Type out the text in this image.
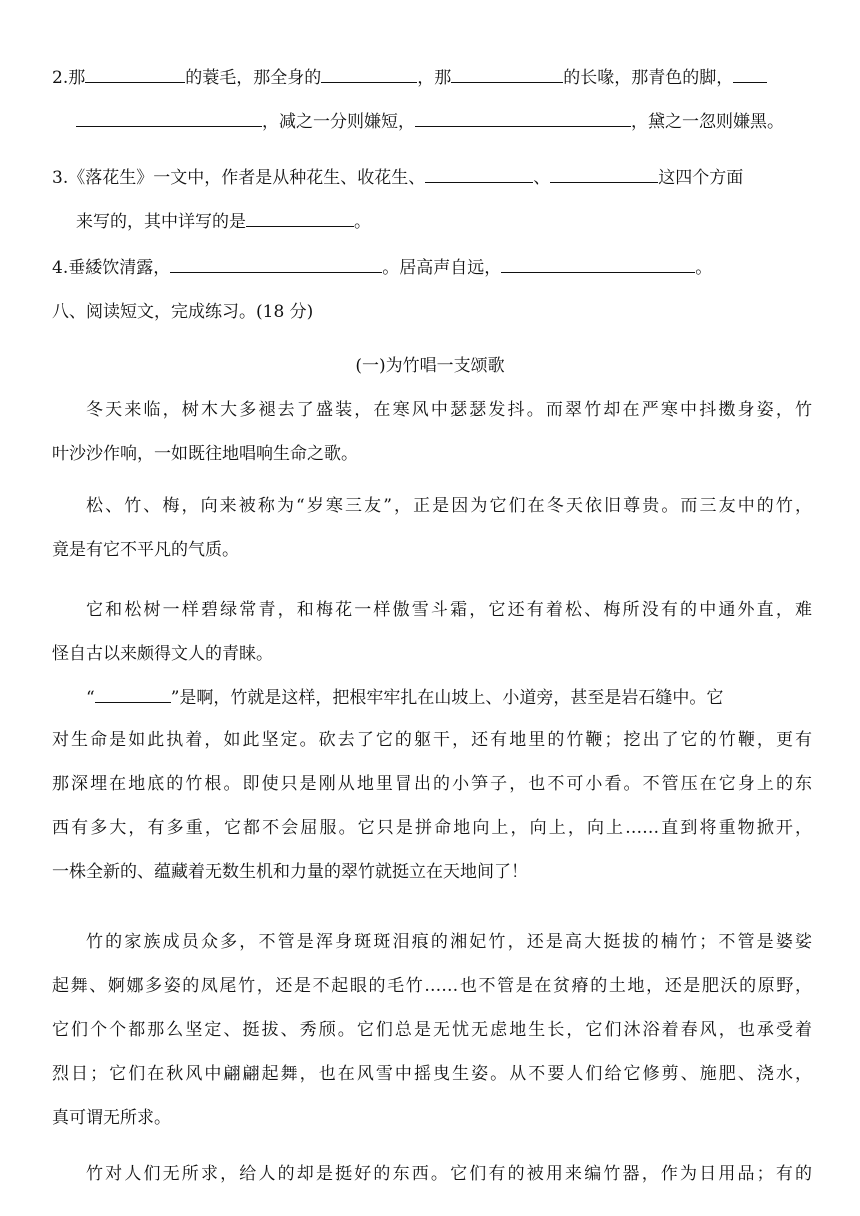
2.那	的蓑毛，那全身的	，那	的长喙，那青色的脚，
，减之一分则嫌短，	，黛之一忽则嫌黑。
3.《落花生》一文中，作者是从种花生、收花生、	、	这四个方面
来写的，其中详写的是	。
4.垂緌饮清露，	。居高声自远，	。
八、阅读短文，完成练习。(18 分)
(一)为竹唱一支颂歌
冬天来临，树木大多褪去了盛装，在寒风中瑟瑟发抖。而翠竹却在严寒中抖擞身姿，竹
叶沙沙作响，一如既往地唱响生命之歌。
松、竹、梅，向来被称为“岁寒三友”，正是因为它们在冬天依旧尊贵。而三友中的竹，
竟是有它不平凡的气质。
它和松树一样碧绿常青，和梅花一样傲雪斗霜，它还有着松、梅所没有的中通外直，难
怪自古以来颇得文人的青睐。
“	”是啊，竹就是这样，把根牢牢扎在山坡上、小道旁，甚至是岩石缝中。它
对生命是如此执着，如此坚定。砍去了它的躯干，还有地里的竹鞭；挖出了它的竹鞭，更有
那深埋在地底的竹根。即使只是刚从地里冒出的小笋子，也不可小看。不管压在它身上的东
西有多大，有多重，它都不会屈服。它只是拼命地向上，向上，向上……直到将重物掀开，
一株全新的、蕴藏着无数生机和力量的翠竹就挺立在天地间了！
竹的家族成员众多，不管是浑身斑斑泪痕的湘妃竹，还是高大挺拔的楠竹；不管是婆娑
起舞、婀娜多姿的凤尾竹，还是不起眼的毛竹……也不管是在贫瘠的土地，还是肥沃的原野，
它们个个都那么坚定、挺拔、秀颀。它们总是无忧无虑地生长，它们沐浴着春风，也承受着
烈日；它们在秋风中翩翩起舞，也在风雪中摇曳生姿。从不要人们给它修剪、施肥、浇水，
真可谓无所求。
竹对人们无所求，给人的却是挺好的东西。它们有的被用来编竹器，作为日用品；有的
